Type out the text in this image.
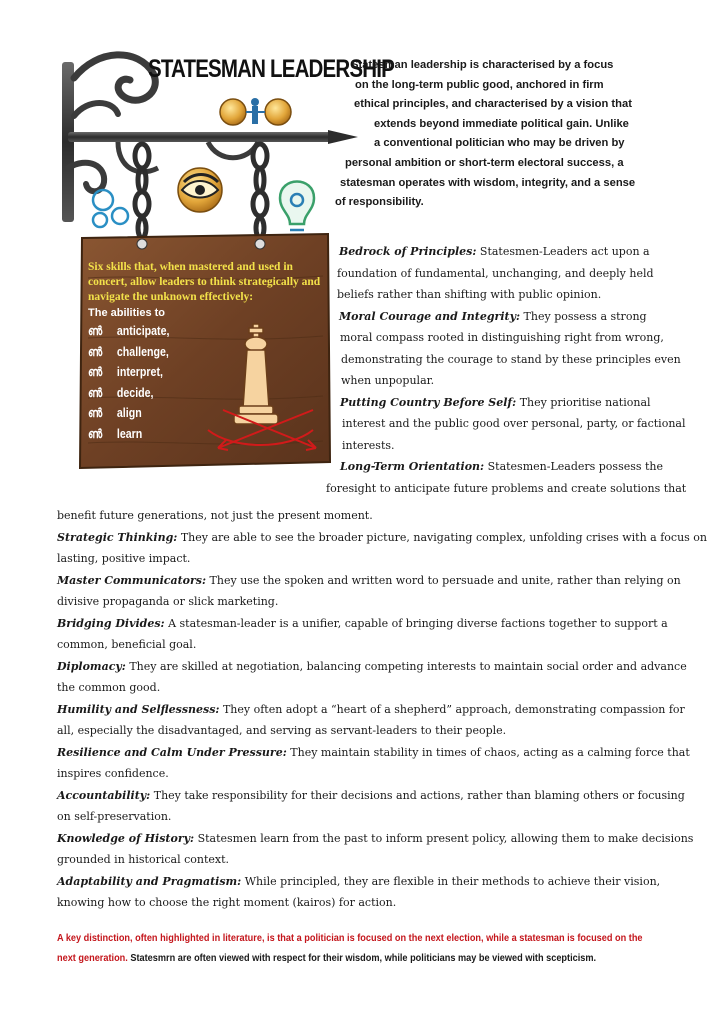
STATESMAN LEADERSHIP
Six skills that, when mastered and used in
concert, allow leaders to think strategically and
navigate the unknown effectively:
The abilities to
ൺ	anticipate,
ൺ	challenge,
ൺ	interpret,
ൺ	decide,
ൺ	align
ൺ	learn
Statesman leadership is characterised by a focus
on the long-term public good, anchored in firm
ethical principles, and characterised by a vision that
extends beyond immediate political gain. Unlike
a conventional politician who may be driven by
personal ambition or short-term electoral success, a
statesman operates with wisdom, integrity, and a sense
of responsibility.
Bedrock of Principles: Statesmen-Leaders act upon a
foundation of fundamental, unchanging, and deeply held
beliefs rather than shifting with public opinion.
Moral Courage and Integrity: They possess a strong
moral compass rooted in distinguishing right from wrong,
demonstrating the courage to stand by these principles even
when unpopular.
Putting Country Before Self: They prioritise national
interest and the public good over personal, party, or factional
interests.
Long-Term Orientation: Statesmen-Leaders possess the
foresight to anticipate future problems and create solutions that
benefit future generations, not just the present moment.
Strategic Thinking: They are able to see the broader picture, navigating complex, unfolding crises with a focus on
lasting, positive impact.
Master Communicators: They use the spoken and written word to persuade and unite, rather than relying on
divisive propaganda or slick marketing.
Bridging Divides: A statesman-leader is a unifier, capable of bringing diverse factions together to support a
common, beneficial goal.
Diplomacy: They are skilled at negotiation, balancing competing interests to maintain social order and advance
the common good.
Humility and Selflessness: They often adopt a “heart of a shepherd” approach, demonstrating compassion for
all, especially the disadvantaged, and serving as servant-leaders to their people.
Resilience and Calm Under Pressure: They maintain stability in times of chaos, acting as a calming force that
inspires confidence.
Accountability: They take responsibility for their decisions and actions, rather than blaming others or focusing
on self-preservation.
Knowledge of History: Statesmen learn from the past to inform present policy, allowing them to make decisions
grounded in historical context.
Adaptability and Pragmatism: While principled, they are flexible in their methods to achieve their vision,
knowing how to choose the right moment (kairos) for action.
A key distinction, often highlighted in literature, is that a politician is focused on the next election, while a statesman is focused on the
next generation. Statesmrn are often viewed with respect for their wisdom, while politicians may be viewed with scepticism.
